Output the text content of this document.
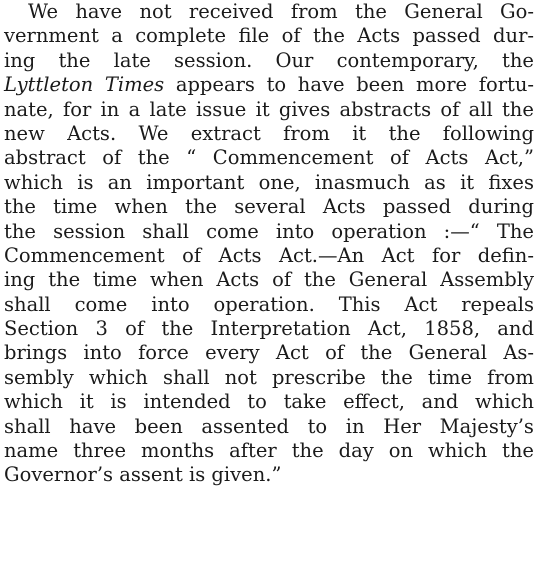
We have not received from the General Go-
vernment a complete file of the Acts passed dur-
ing the late session. Our contemporary, the
Lyttleton Times appears to have been more fortu-
nate, for in a late issue it gives abstracts of all the
new Acts. We extract from it the following
abstract of the “ Commencement of Acts Act,”
which is an important one, inasmuch as it fixes
the time when the several Acts passed during
the session shall come into operation :—“ The
Commencement of Acts Act.—An Act for defin-
ing the time when Acts of the General Assembly
shall come into operation. This Act repeals
Section 3 of the Interpretation Act, 1858, and
brings into force every Act of the General As-
sembly which shall not prescribe the time from
which it is intended to take effect, and which
shall have been assented to in Her Majesty’s
name three months after the day on which the
Governor’s assent is given.”
